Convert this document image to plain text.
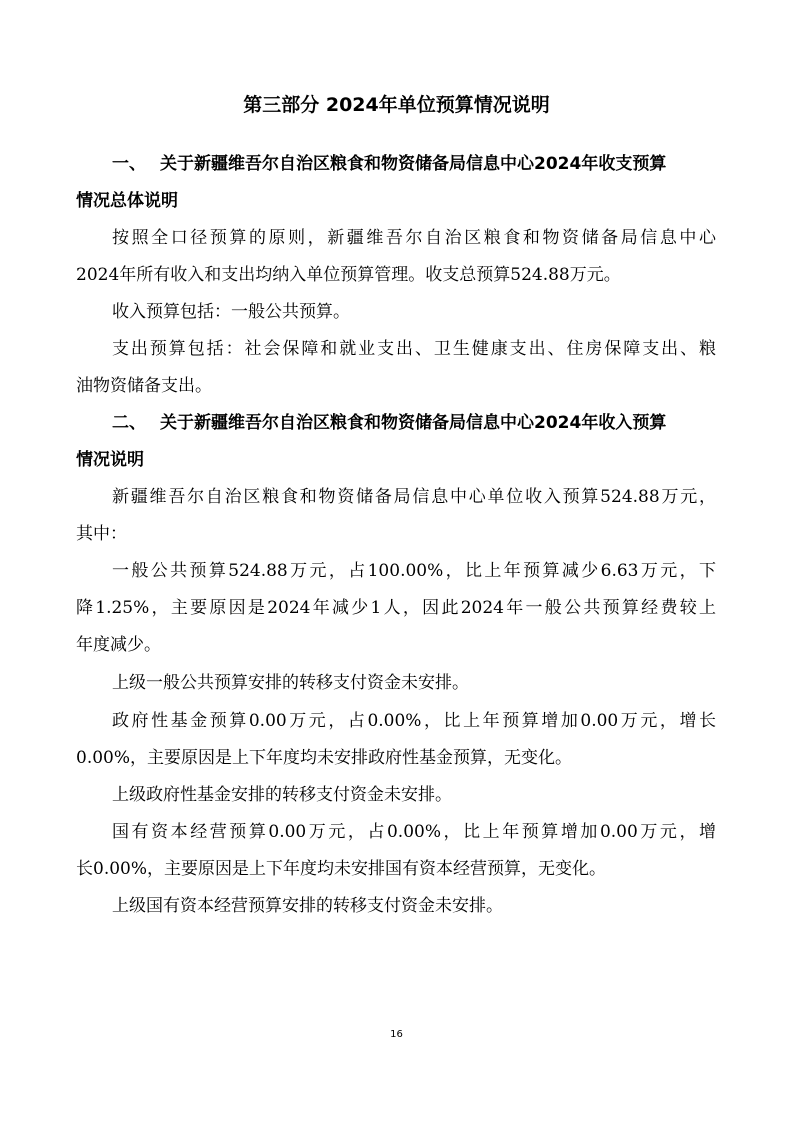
第三部分 2024年单位预算情况说明
一、 关于新疆维吾尔自治区粮食和物资储备局信息中心2024年收支预算
情况总体说明
按照全口径预算的原则，新疆维吾尔自治区粮食和物资储备局信息中心
2024年所有收入和支出均纳入单位预算管理。收支总预算524.88万元。
收入预算包括：一般公共预算。
支出预算包括：社会保障和就业支出、卫生健康支出、住房保障支出、粮
油物资储备支出。
二、 关于新疆维吾尔自治区粮食和物资储备局信息中心2024年收入预算
情况说明
新疆维吾尔自治区粮食和物资储备局信息中心单位收入预算524.88万元，
其中：
一般公共预算524.88万元，占100.00%，比上年预算减少6.63万元，下
降1.25%，主要原因是2024年减少1人，因此2024年一般公共预算经费较上
年度减少。
上级一般公共预算安排的转移支付资金未安排。
政府性基金预算0.00万元，占0.00%，比上年预算增加0.00万元，增长
0.00%，主要原因是上下年度均未安排政府性基金预算，无变化。
上级政府性基金安排的转移支付资金未安排。
国有资本经营预算0.00万元，占0.00%，比上年预算增加0.00万元，增
长0.00%，主要原因是上下年度均未安排国有资本经营预算，无变化。
上级国有资本经营预算安排的转移支付资金未安排。
16
